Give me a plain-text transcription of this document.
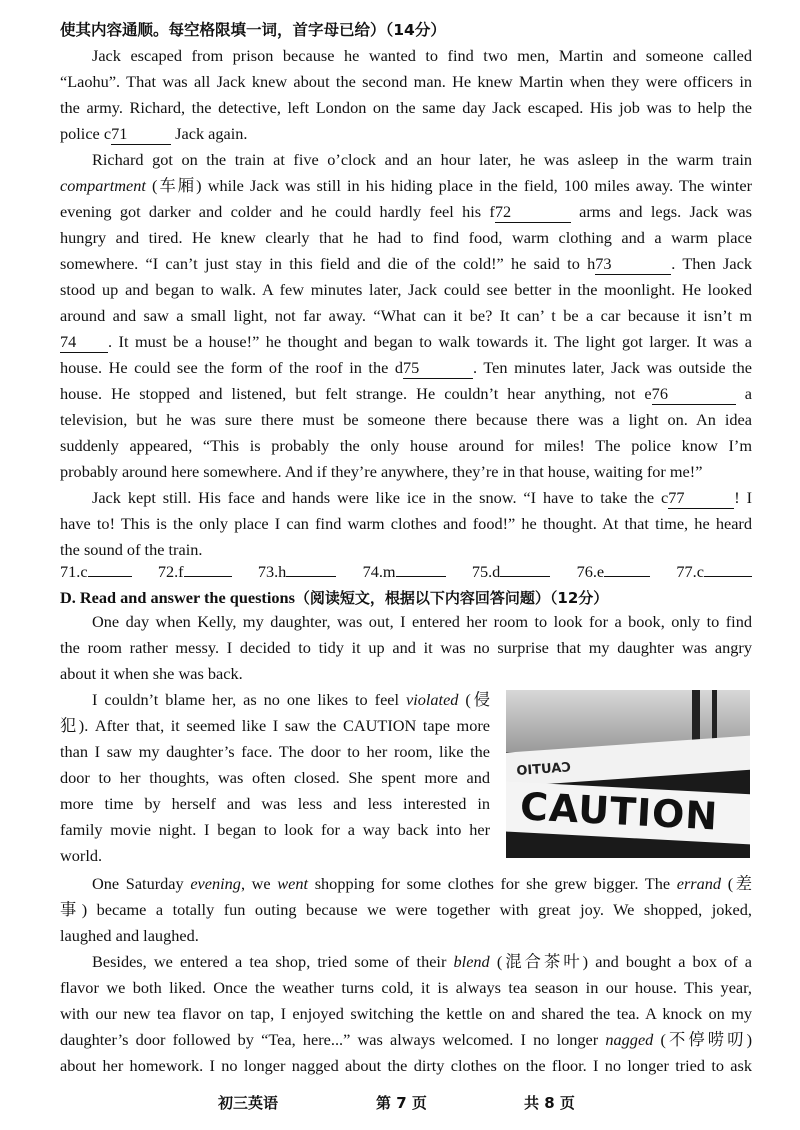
使其内容通顺。每空格限填一词，首字母已给）（14分）
Jack escaped from prison because he wanted to find two men, Martin and someone called
“Laohu”. That was all Jack knew about the second man. He knew Martin when they were officers in
the army. Richard, the detective, left London on the same day Jack escaped. His job was to help the
police c71	Jack again.
Richard got on the train at five o’clock and an hour later, he was asleep in the warm train
compartment (车厢) while Jack was still in his hiding place in the field, 100 miles away. The winter
evening got darker and colder and he could hardly feel his f72	arms and legs. Jack was
hungry and tired. He knew clearly that he had to find food, warm clothing and a warm place
somewhere. “I can’t just stay in this field and die of the cold!” he said to h73	. Then Jack
stood up and began to walk. A few minutes later, Jack could see better in the moonlight. He looked
around and saw a small light, not far away. “What can it be? It can’ t be a car because it isn’t m
74 . It must be a house!” he thought and began to walk towards it. The light got larger. It was a
house. He could see the form of the roof in the d75	. Ten minutes later, Jack was outside the
house. He stopped and listened, but felt strange. He couldn’t hear anything, not e76	a
television, but he was sure there must be someone there because there was a light on. An idea
suddenly appeared, “This is probably the only house around for miles! The police know I’m
probably around here somewhere. And if they’re anywhere, they’re in that house, waiting for me!”
Jack kept still. His face and hands were like ice in the snow. “I have to take the c77	! I
have to! This is the only place I can find warm clothes and food!” he thought. At that time, he heard
the sound of the train.
71.c	72.f	73.h	74.m	75.d	76.e	77.c
D. Read and answer the questions（阅读短文，根据以下内容回答问题）（12分）
One day when Kelly, my daughter, was out, I entered her room to look for a book, only to find
the room rather messy. I decided to tidy it up and it was no surprise that my daughter was angry
about it when she was back.
I couldn’t blame her, as no one likes to feel violated (侵
犯). After that, it seemed like I saw the CAUTION tape more
than I saw my daughter’s face. The door to her room, like the
door to her thoughts, was often closed. She spent more and
more time by herself and was less and less interested in
family movie night. I began to look for a way back into her
world.
CAUTIO
CAUTION
One Saturday evening, we went shopping for some clothes for she grew bigger. The errand (差
事) became a totally fun outing because we were together with great joy. We shopped, joked,
laughed and laughed.
Besides, we entered a tea shop, tried some of their blend (混合茶叶) and bought a box of a
flavor we both liked. Once the weather turns cold, it is always tea season in our house. This year,
with our new tea flavor on tap, I enjoyed switching the kettle on and shared the tea. A knock on my
daughter’s door followed by “Tea, here...” was always welcomed. I no longer nagged (不停唠叨)
about her homework. I no longer nagged about the dirty clothes on the floor. I no longer tried to ask
初三英语	第 7 页	共 8 页
